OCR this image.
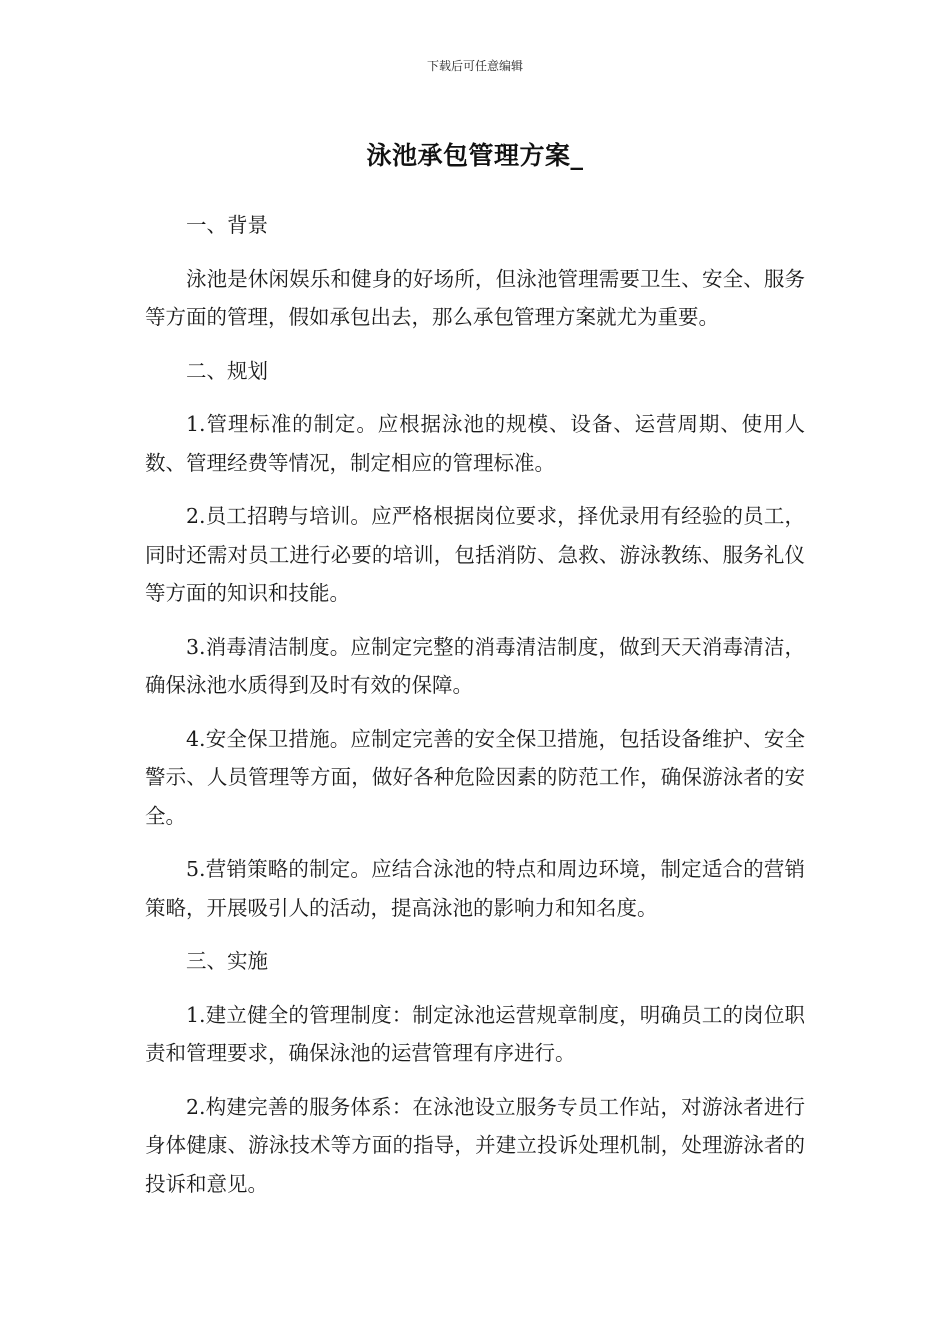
下载后可任意编辑
泳池承包管理方案_

一、背景

泳池是休闲娱乐和健身的好场所，但泳池管理需要卫生、安全、服务等方面的管理，假如承包出去，那么承包管理方案就尤为重要。

二、规划

1.管理标准的制定。应根据泳池的规模、设备、运营周期、使用人数、管理经费等情况，制定相应的管理标准。

2.员工招聘与培训。应严格根据岗位要求，择优录用有经验的员工，同时还需对员工进行必要的培训，包括消防、急救、游泳教练、服务礼仪等方面的知识和技能。

3.消毒清洁制度。应制定完整的消毒清洁制度，做到天天消毒清洁，确保泳池水质得到及时有效的保障。

4.安全保卫措施。应制定完善的安全保卫措施，包括设备维护、安全警示、人员管理等方面，做好各种危险因素的防范工作，确保游泳者的安全。

5.营销策略的制定。应结合泳池的特点和周边环境，制定适合的营销策略，开展吸引人的活动，提高泳池的影响力和知名度。

三、实施

1.建立健全的管理制度：制定泳池运营规章制度，明确员工的岗位职责和管理要求，确保泳池的运营管理有序进行。

2.构建完善的服务体系：在泳池设立服务专员工作站，对游泳者进行身体健康、游泳技术等方面的指导，并建立投诉处理机制，处理游泳者的投诉和意见。
